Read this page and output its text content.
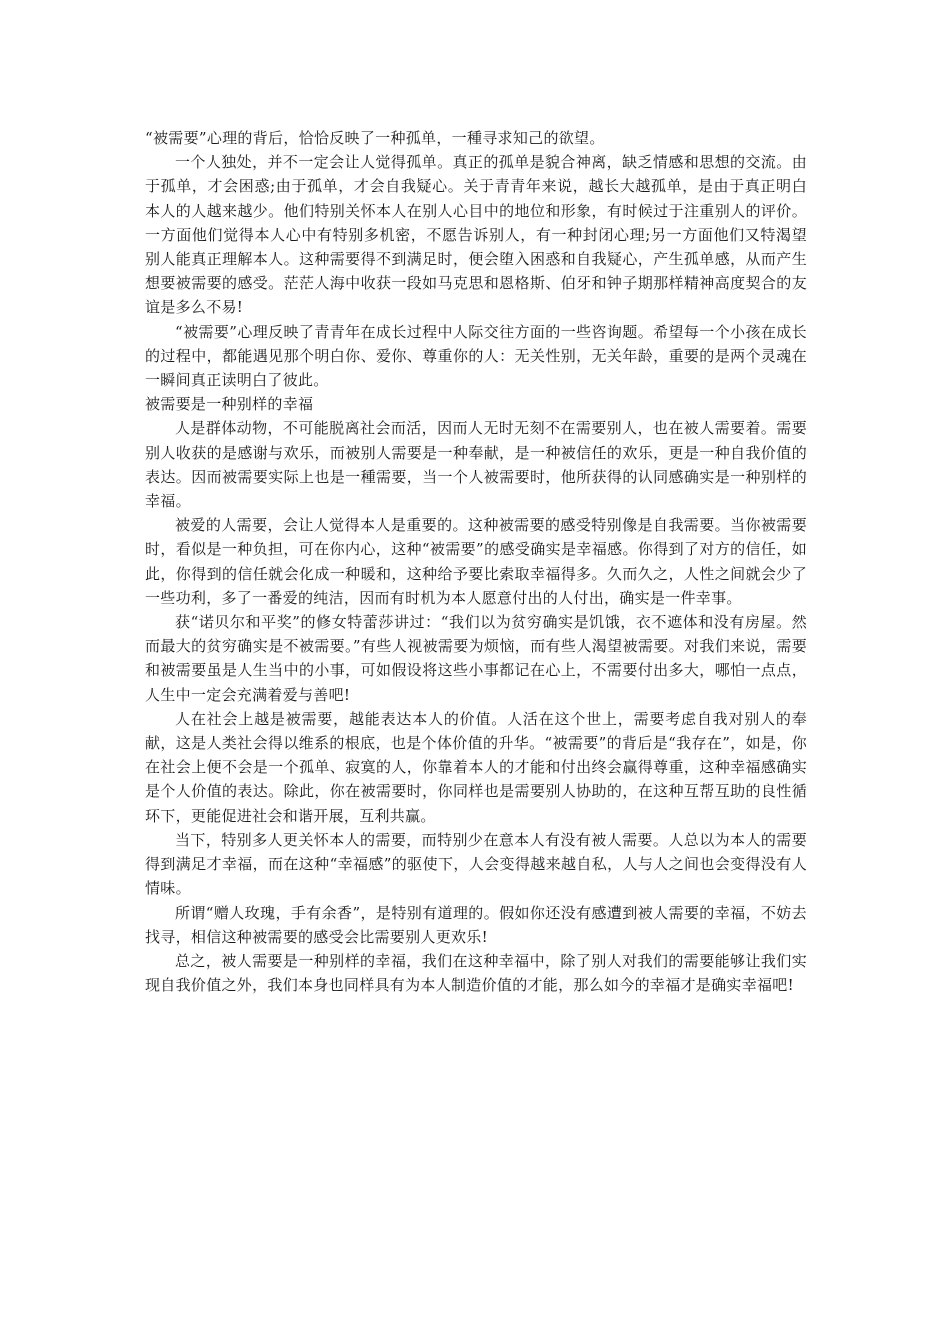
“被需要”心理的背后，恰恰反映了一种孤单，一種寻求知己的欲望。

一个人独处，并不一定会让人觉得孤单。真正的孤单是貌合神离，缺乏情感和思想的交流。由于孤单，才会困惑;由于孤单，才会自我疑心。关于青青年来说，越长大越孤单，是由于真正明白本人的人越来越少。他们特别关怀本人在别人心目中的地位和形象，有时候过于注重别人的评价。一方面他们觉得本人心中有特别多机密，不愿告诉别人，有一种封闭心理;另一方面他们又特渴望别人能真正理解本人。这种需要得不到满足时，便会堕入困惑和自我疑心，产生孤单感，从而产生想要被需要的感受。茫茫人海中收获一段如马克思和恩格斯、伯牙和钟子期那样精神高度契合的友谊是多么不易!

“被需要”心理反映了青青年在成长过程中人际交往方面的一些咨询题。希望每一个小孩在成长的过程中，都能遇见那个明白你、爱你、尊重你的人：无关性别，无关年龄，重要的是两个灵魂在一瞬间真正读明白了彼此。

被需要是一种别样的幸福

人是群体动物，不可能脱离社会而活，因而人无时无刻不在需要别人，也在被人需要着。需要别人收获的是感谢与欢乐，而被别人需要是一种奉献，是一种被信任的欢乐，更是一种自我价值的表达。因而被需要实际上也是一種需要，当一个人被需要时，他所获得的认同感确实是一种别样的幸福。

被爱的人需要，会让人觉得本人是重要的。这种被需要的感受特别像是自我需要。当你被需要时，看似是一种负担，可在你内心，这种“被需要”的感受确实是幸福感。你得到了对方的信任，如此，你得到的信任就会化成一种暖和，这种给予要比索取幸福得多。久而久之，人性之间就会少了一些功利，多了一番爱的纯洁，因而有时机为本人愿意付出的人付出，确实是一件幸事。

获“诺贝尔和平奖”的修女特蕾莎讲过：“我们以为贫穷确实是饥饿，衣不遮体和没有房屋。然而最大的贫穷确实是不被需要。”有些人视被需要为烦恼，而有些人渴望被需要。对我们来说，需要和被需要虽是人生当中的小事，可如假设将这些小事都记在心上，不需要付出多大，哪怕一点点，人生中一定会充满着爱与善吧!

人在社会上越是被需要，越能表达本人的价值。人活在这个世上，需要考虑自我对别人的奉献，这是人类社会得以维系的根底，也是个体价值的升华。“被需要”的背后是“我存在”，如是，你在社会上便不会是一个孤单、寂寞的人，你靠着本人的才能和付出终会赢得尊重，这种幸福感确实是个人价值的表达。除此，你在被需要时，你同样也是需要别人协助的，在这种互帮互助的良性循环下，更能促进社会和谐开展，互利共赢。

当下，特别多人更关怀本人的需要，而特别少在意本人有没有被人需要。人总以为本人的需要得到满足才幸福，而在这种“幸福感”的驱使下，人会变得越来越自私，人与人之间也会变得没有人情味。

所谓“赠人玫瑰，手有余香”，是特别有道理的。假如你还没有感遭到被人需要的幸福，不妨去找寻，相信这种被需要的感受会比需要别人更欢乐!

总之，被人需要是一种别样的幸福，我们在这种幸福中，除了别人对我们的需要能够让我们实现自我价值之外，我们本身也同样具有为本人制造价值的才能，那么如今的幸福才是确实幸福吧!
